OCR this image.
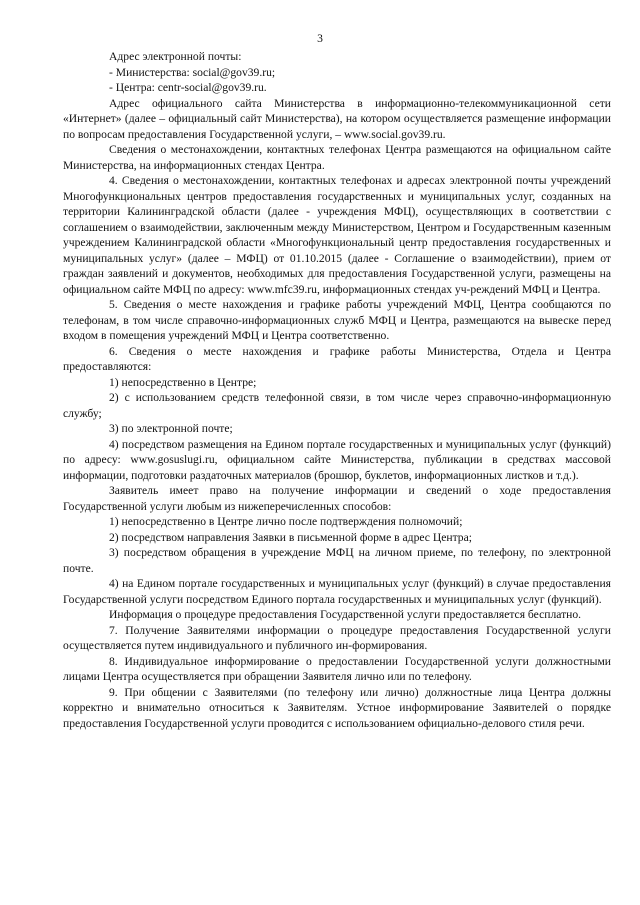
3

Адрес электронной почты:

- Министерства: social@gov39.ru;

- Центра: centr-social@gov39.ru.

Адрес официального сайта Министерства в информационно-телекоммуникационной сети «Интернет» (далее – официальный сайт Министерства), на котором осуществляется размещение информации по вопросам предоставления Государственной услуги, – www.social.gov39.ru.

Сведения о местонахождении, контактных телефонах Центра размещаются на официальном сайте Министерства, на информационных стендах Центра.

4. Сведения о местонахождении, контактных телефонах и адресах электронной почты учреждений Многофункциональных центров предоставления государственных и муниципальных услуг, созданных на территории Калининградской области (далее - учреждения МФЦ), осуществляющих в соответствии с соглашением о взаимодействии, заключенным между Министерством, Центром и Государственным казенным учреждением Калининградской области «Многофункциональный центр предоставления государственных и муниципальных услуг» (далее – МФЦ) от 01.10.2015 (далее - Соглашение о взаимодействии), прием от граждан заявлений и документов, необходимых для предоставления Государственной услуги, размещены на официальном сайте МФЦ по адресу: www.mfc39.ru, информационных стендах уч-реждений МФЦ и Центра.

5. Сведения о месте нахождения и графике работы учреждений МФЦ, Центра сообщаются по телефонам, в том числе справочно-информационных служб МФЦ и Центра, размещаются на вывеске перед входом в помещения учреждений МФЦ и Центра соответственно.

6. Сведения о месте нахождения и графике работы Министерства, Отдела и Центра предоставляются:

1) непосредственно в Центре;

2) с использованием средств телефонной связи, в том числе через справочно-информационную службу;

3) по электронной почте;

4) посредством размещения на Едином портале государственных и муниципальных услуг (функций) по адресу: www.gosuslugi.ru, официальном сайте Министерства, публикации в средствах массовой информации, подготовки раздаточных материалов (брошюр, буклетов, информационных листков и т.д.).

Заявитель имеет право на получение информации и сведений о ходе предоставления Государственной услуги любым из нижеперечисленных способов:

1) непосредственно в Центре лично после подтверждения полномочий;

2) посредством направления Заявки в письменной форме в адрес Центра;

3) посредством обращения в учреждение МФЦ на личном приеме, по телефону, по электронной почте.

4) на Едином портале государственных и муниципальных услуг (функций) в случае предоставления Государственной услуги посредством Единого портала государственных и муниципальных услуг (функций).

Информация о процедуре предоставления Государственной услуги предоставляется бесплатно.

7. Получение Заявителями информации о процедуре предоставления Государственной услуги осуществляется путем индивидуального и публичного ин-формирования.

8. Индивидуальное информирование о предоставлении Государственной услуги должностными лицами Центра осуществляется при обращении Заявителя лично или по телефону.

9. При общении с Заявителями (по телефону или лично) должностные лица Центра должны корректно и внимательно относиться к Заявителям. Устное информирование Заявителей о порядке предоставления Государственной услуги проводится с использованием официально-делового стиля речи.
